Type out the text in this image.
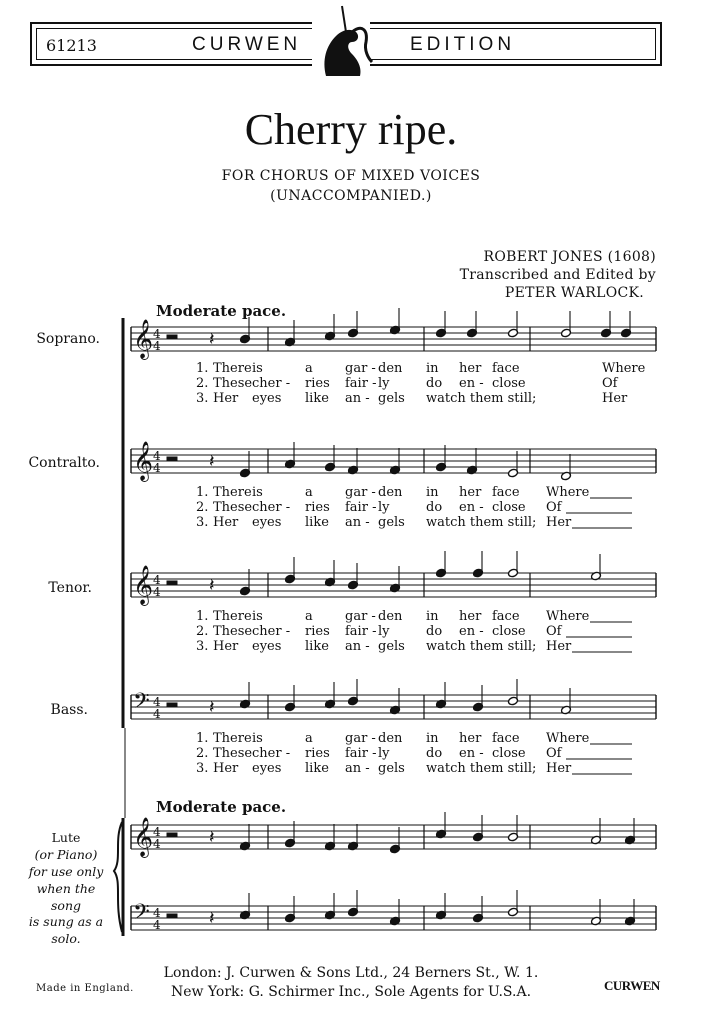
61213	CURWEN	EDITION
𝄞 4
4	𝄽
𝄞 4
4	𝄽
𝄞 4
4	𝄽
𝄢 4
4	𝄽
𝄞 4
4	𝄽
𝄢 4
4	𝄽
Cherry ripe.
FOR CHORUS OF MIXED VOICES
(UNACCOMPANIED.)
ROBERT JONES (1608)
Transcribed and Edited by
PETER WARLOCK.
Moderate pace.
Moderate pace.
Soprano.
Contralto.
Tenor.
Bass.
1. There is	a gar - den in her face	Where
2. These cher - ries fair - ly	do en - close	Of
3. Her eyes like an - gels watch them still;	Her
1. There is	a gar - den in her face Where
2. These cher - ries fair - ly	do en - close Of
3. Her eyes like an - gels watch them still; Her
1. There is	a gar - den in her face Where
2. These cher - ries fair - ly	do en - close Of
3. Her eyes like an - gels watch them still; Her
1. There is	a gar - den in her face Where
2. These cher - ries fair - ly	do en - close Of
3. Her eyes like an - gels watch them still; Her
Lute
(or Piano)
for use only
when the song
is sung as a
solo.
London: J. Curwen & Sons Ltd., 24 Berners St., W. 1.
New York: G. Schirmer Inc., Sole Agents for U.S.A.
Made in England.	CURWEN
